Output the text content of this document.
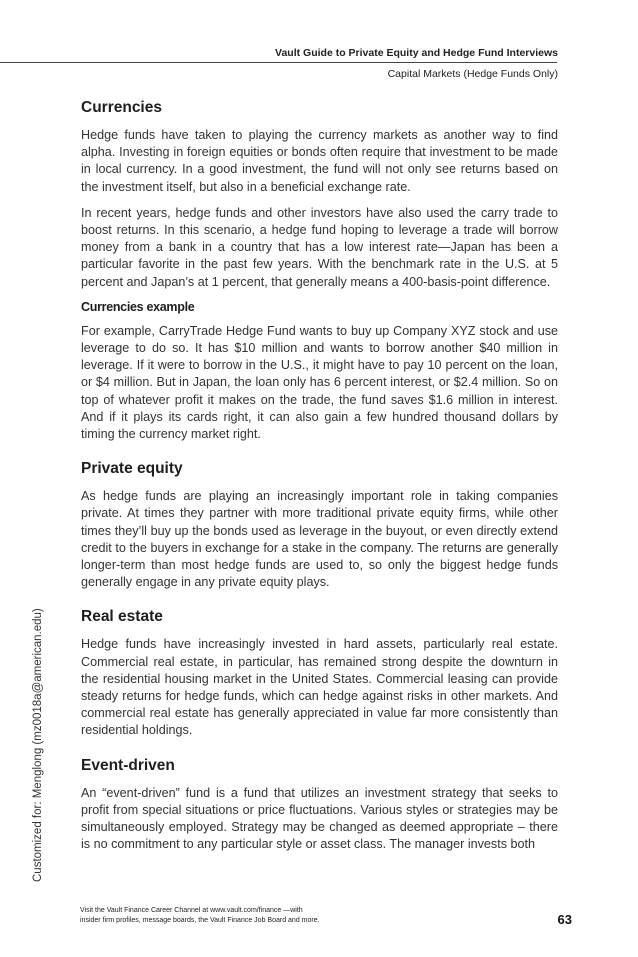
Vault Guide to Private Equity and Hedge Fund Interviews
Capital Markets (Hedge Funds Only)
Customized for: Menglong (mz0018a@american.edu)
Currencies

Hedge funds have taken to playing the currency markets as another way to find alpha. Investing in foreign equities or bonds often require that investment to be made in local currency. In a good investment, the fund will not only see returns based on the investment itself, but also in a beneficial exchange rate.

In recent years, hedge funds and other investors have also used the carry trade to boost returns. In this scenario, a hedge fund hoping to leverage a trade will borrow money from a bank in a country that has a low interest rate—Japan has been a particular favorite in the past few years. With the benchmark rate in the U.S. at 5 percent and Japan’s at 1 percent, that generally means a 400-basis-point difference.

Currencies example

For example, CarryTrade Hedge Fund wants to buy up Company XYZ stock and use leverage to do so. It has $10 million and wants to borrow another $40 million in leverage. If it were to borrow in the U.S., it might have to pay 10 percent on the loan, or $4 million. But in Japan, the loan only has 6 percent interest, or $2.4 million. So on top of whatever profit it makes on the trade, the fund saves $1.6 million in interest. And if it plays its cards right, it can also gain a few hundred thousand dollars by timing the currency market right.

Private equity

As hedge funds are playing an increasingly important role in taking companies private. At times they partner with more traditional private equity firms, while other times they’ll buy up the bonds used as leverage in the buyout, or even directly extend credit to the buyers in exchange for a stake in the company. The returns are generally longer-term than most hedge funds are used to, so only the biggest hedge funds generally engage in any private equity plays.

Real estate

Hedge funds have increasingly invested in hard assets, particularly real estate. Commercial real estate, in particular, has remained strong despite the downturn in the residential housing market in the United States. Commercial leasing can provide steady returns for hedge funds, which can hedge against risks in other markets. And commercial real estate has generally appreciated in value far more consistently than residential holdings.

Event-driven

An “event-driven” fund is a fund that utilizes an investment strategy that seeks to profit from special situations or price fluctuations. Various styles or strategies may be simultaneously employed. Strategy may be changed as deemed appropriate – there is no commitment to any particular style or asset class. The manager invests both

Visit the Vault Finance Career Channel at www.vault.com/finance —with
insider firm profiles, message boards, the Vault Finance Job Board and more.	63
